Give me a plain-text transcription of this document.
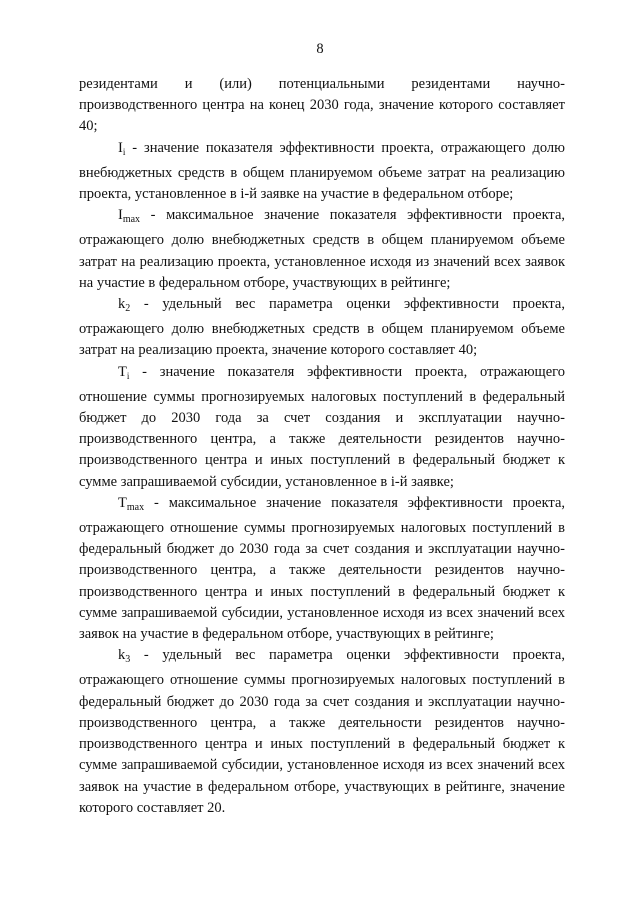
8

резидентами и (или) потенциальными резидентами научно-производственного центра на конец 2030 года, значение которого составляет 40;

$I_i$ - значение показателя эффективности проекта, отражающего долю внебюджетных средств в общем планируемом объеме затрат на реализацию проекта, установленное в i-й заявке на участие в федеральном отборе;

$I_{max}$ - максимальное значение показателя эффективности проекта, отражающего долю внебюджетных средств в общем планируемом объеме затрат на реализацию проекта, установленное исходя из значений всех заявок на участие в федеральном отборе, участвующих в рейтинге;

$k_2$ - удельный вес параметра оценки эффективности проекта, отражающего долю внебюджетных средств в общем планируемом объеме затрат на реализацию проекта, значение которого составляет 40;

$T_i$ - значение показателя эффективности проекта, отражающего отношение суммы прогнозируемых налоговых поступлений в федеральный бюджет до 2030 года за счет создания и эксплуатации научно-производственного центра, а также деятельности резидентов научно-производственного центра и иных поступлений в федеральный бюджет к сумме запрашиваемой субсидии, установленное в i-й заявке;

$T_{max}$ - максимальное значение показателя эффективности проекта, отражающего отношение суммы прогнозируемых налоговых поступлений в федеральный бюджет до 2030 года за счет создания и эксплуатации научно-производственного центра, а также деятельности резидентов научно-производственного центра и иных поступлений в федеральный бюджет к сумме запрашиваемой субсидии, установленное исходя из всех значений всех заявок на участие в федеральном отборе, участвующих в рейтинге;

$k_3$ - удельный вес параметра оценки эффективности проекта, отражающего отношение суммы прогнозируемых налоговых поступлений в федеральный бюджет до 2030 года за счет создания и эксплуатации научно-производственного центра, а также деятельности резидентов научно-производственного центра и иных поступлений в федеральный бюджет к сумме запрашиваемой субсидии, установленное исходя из всех значений всех заявок на участие в федеральном отборе, участвующих в рейтинге, значение которого составляет 20.
